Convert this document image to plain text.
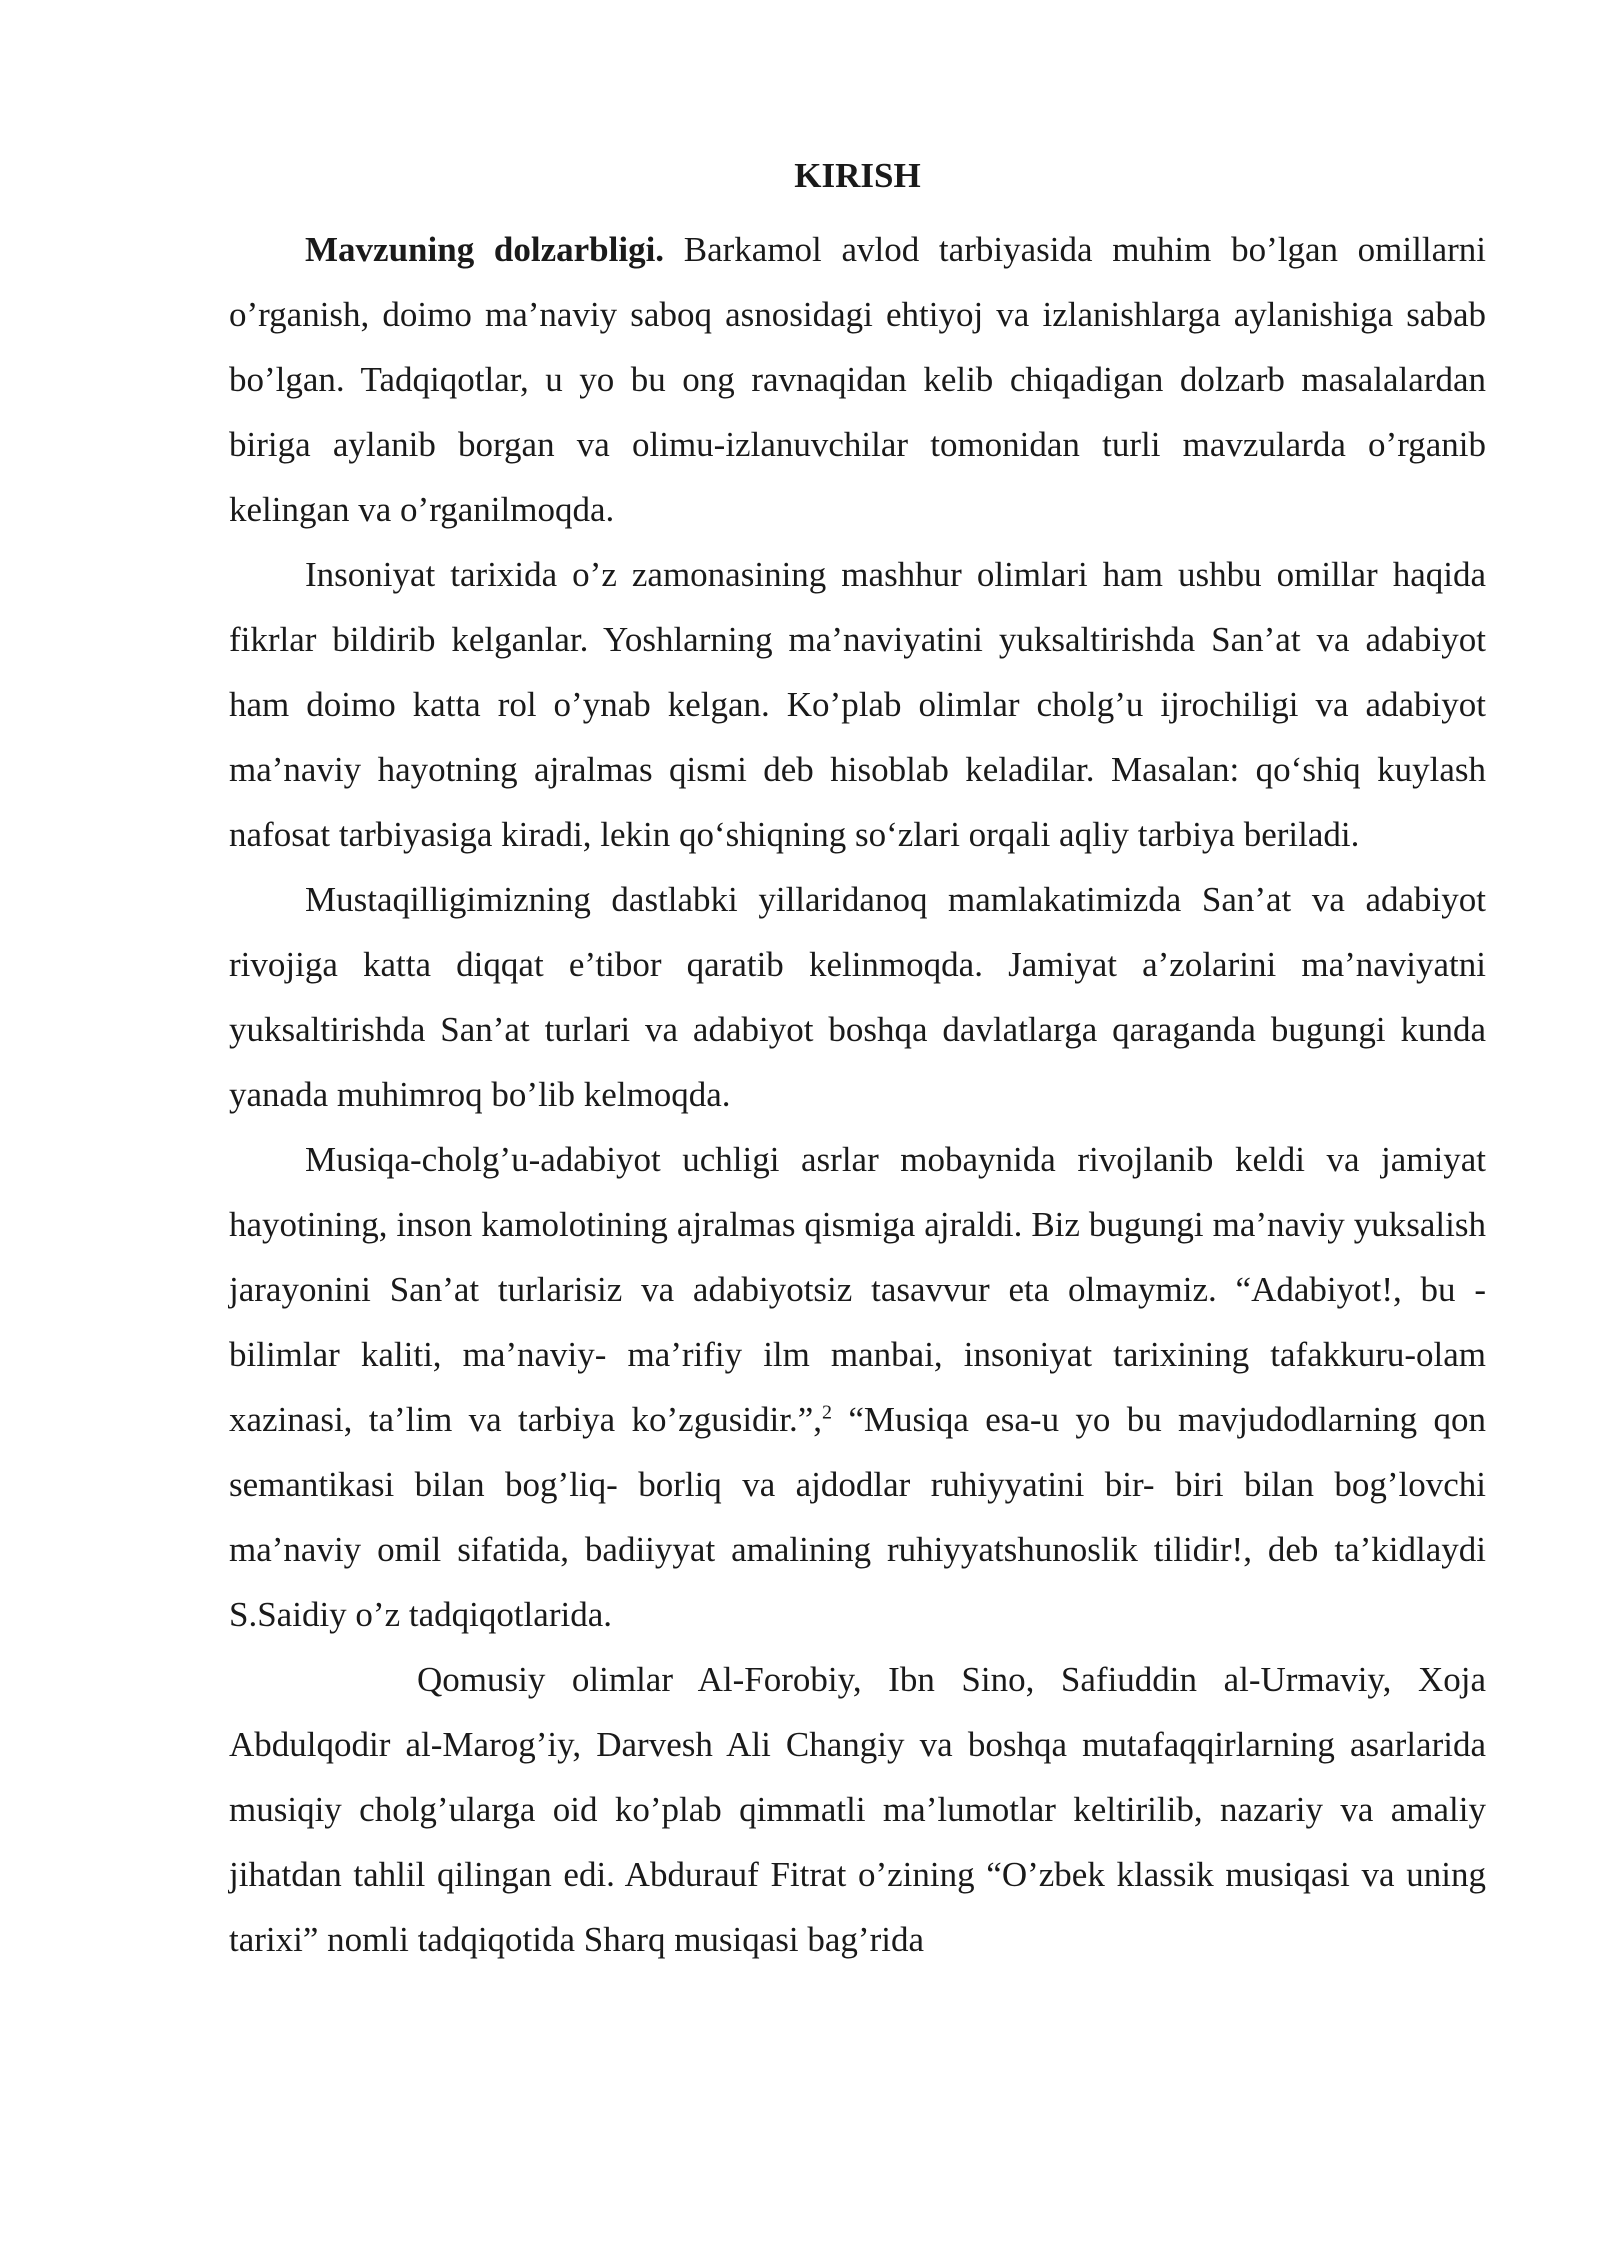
KIRISH

Mavzuning dolzarbligi. Barkamol avlod tarbiyasida muhim bo’lgan omillarni o’rganish, doimo ma’naviy saboq asnosidagi ehtiyoj va izlanishlarga aylanishiga sabab bo’lgan. Tadqiqotlar, u yo bu ong ravnaqidan kelib chiqadigan dolzarb masalalardan biriga aylanib borgan va olimu-izlanuvchilar tomonidan turli mavzularda o’rganib kelingan va o’rganilmoqda.

Insoniyat tarixida o’z zamonasining mashhur olimlari ham ushbu omillar haqida fikrlar bildirib kelganlar. Yoshlarning ma’naviyatini yuksaltirishda San’at va adabiyot ham doimo katta rol o’ynab kelgan. Ko’plab olimlar cholg’u ijrochiligi va adabiyot ma’naviy hayotning ajralmas qismi deb hisoblab keladilar. Masalan: qo‘shiq kuylash nafosat tarbiyasiga kiradi, lekin qo‘shiqning so‘zlari orqali aqliy tarbiya beriladi.

Mustaqilligimizning dastlabki yillaridanoq mamlakatimizda San’at va adabiyot rivojiga katta diqqat e’tibor qaratib kelinmoqda. Jamiyat a’zolarini ma’naviyatni yuksaltirishda San’at turlari va adabiyot boshqa davlatlarga qaraganda bugungi kunda yanada muhimroq bo’lib kelmoqda.

Musiqa-cholg’u-adabiyot uchligi asrlar mobaynida rivojlanib keldi va jamiyat hayotining, inson kamolotining ajralmas qismiga ajraldi. Biz bugungi ma’naviy yuksalish jarayonini San’at turlarisiz va adabiyotsiz tasavvur eta olmaymiz. “Adabiyot!, bu - bilimlar kaliti, ma’naviy- ma’rifiy ilm manbai, insoniyat tarixining tafakkuru-olam xazinasi, ta’lim va tarbiya ko’zgusidir.”,$^2$ “Musiqa esa-u yo bu mavjudodlarning qon semantikasi bilan bog’liq- borliq va ajdodlar ruhiyyatini bir- biri bilan bog’lovchi ma’naviy omil sifatida, badiiyyat amalining ruhiyyatshunoslik tilidir!, deb ta’kidlaydi S.Saidiy o’z tadqiqotlarida.

Qomusiy olimlar Al-Forobiy, Ibn Sino, Safiuddin al-Urmaviy, Xoja Abdulqodir al-Marog’iy, Darvesh Ali Changiy va boshqa mutafaqqirlarning asarlarida musiqiy cholg’ularga oid ko’plab qimmatli ma’lumotlar keltirilib, nazariy va amaliy jihatdan tahlil qilingan edi. Abdurauf Fitrat o’zining “O’zbek klassik musiqasi va uning tarixi” nomli tadqiqotida Sharq musiqasi bag’rida
